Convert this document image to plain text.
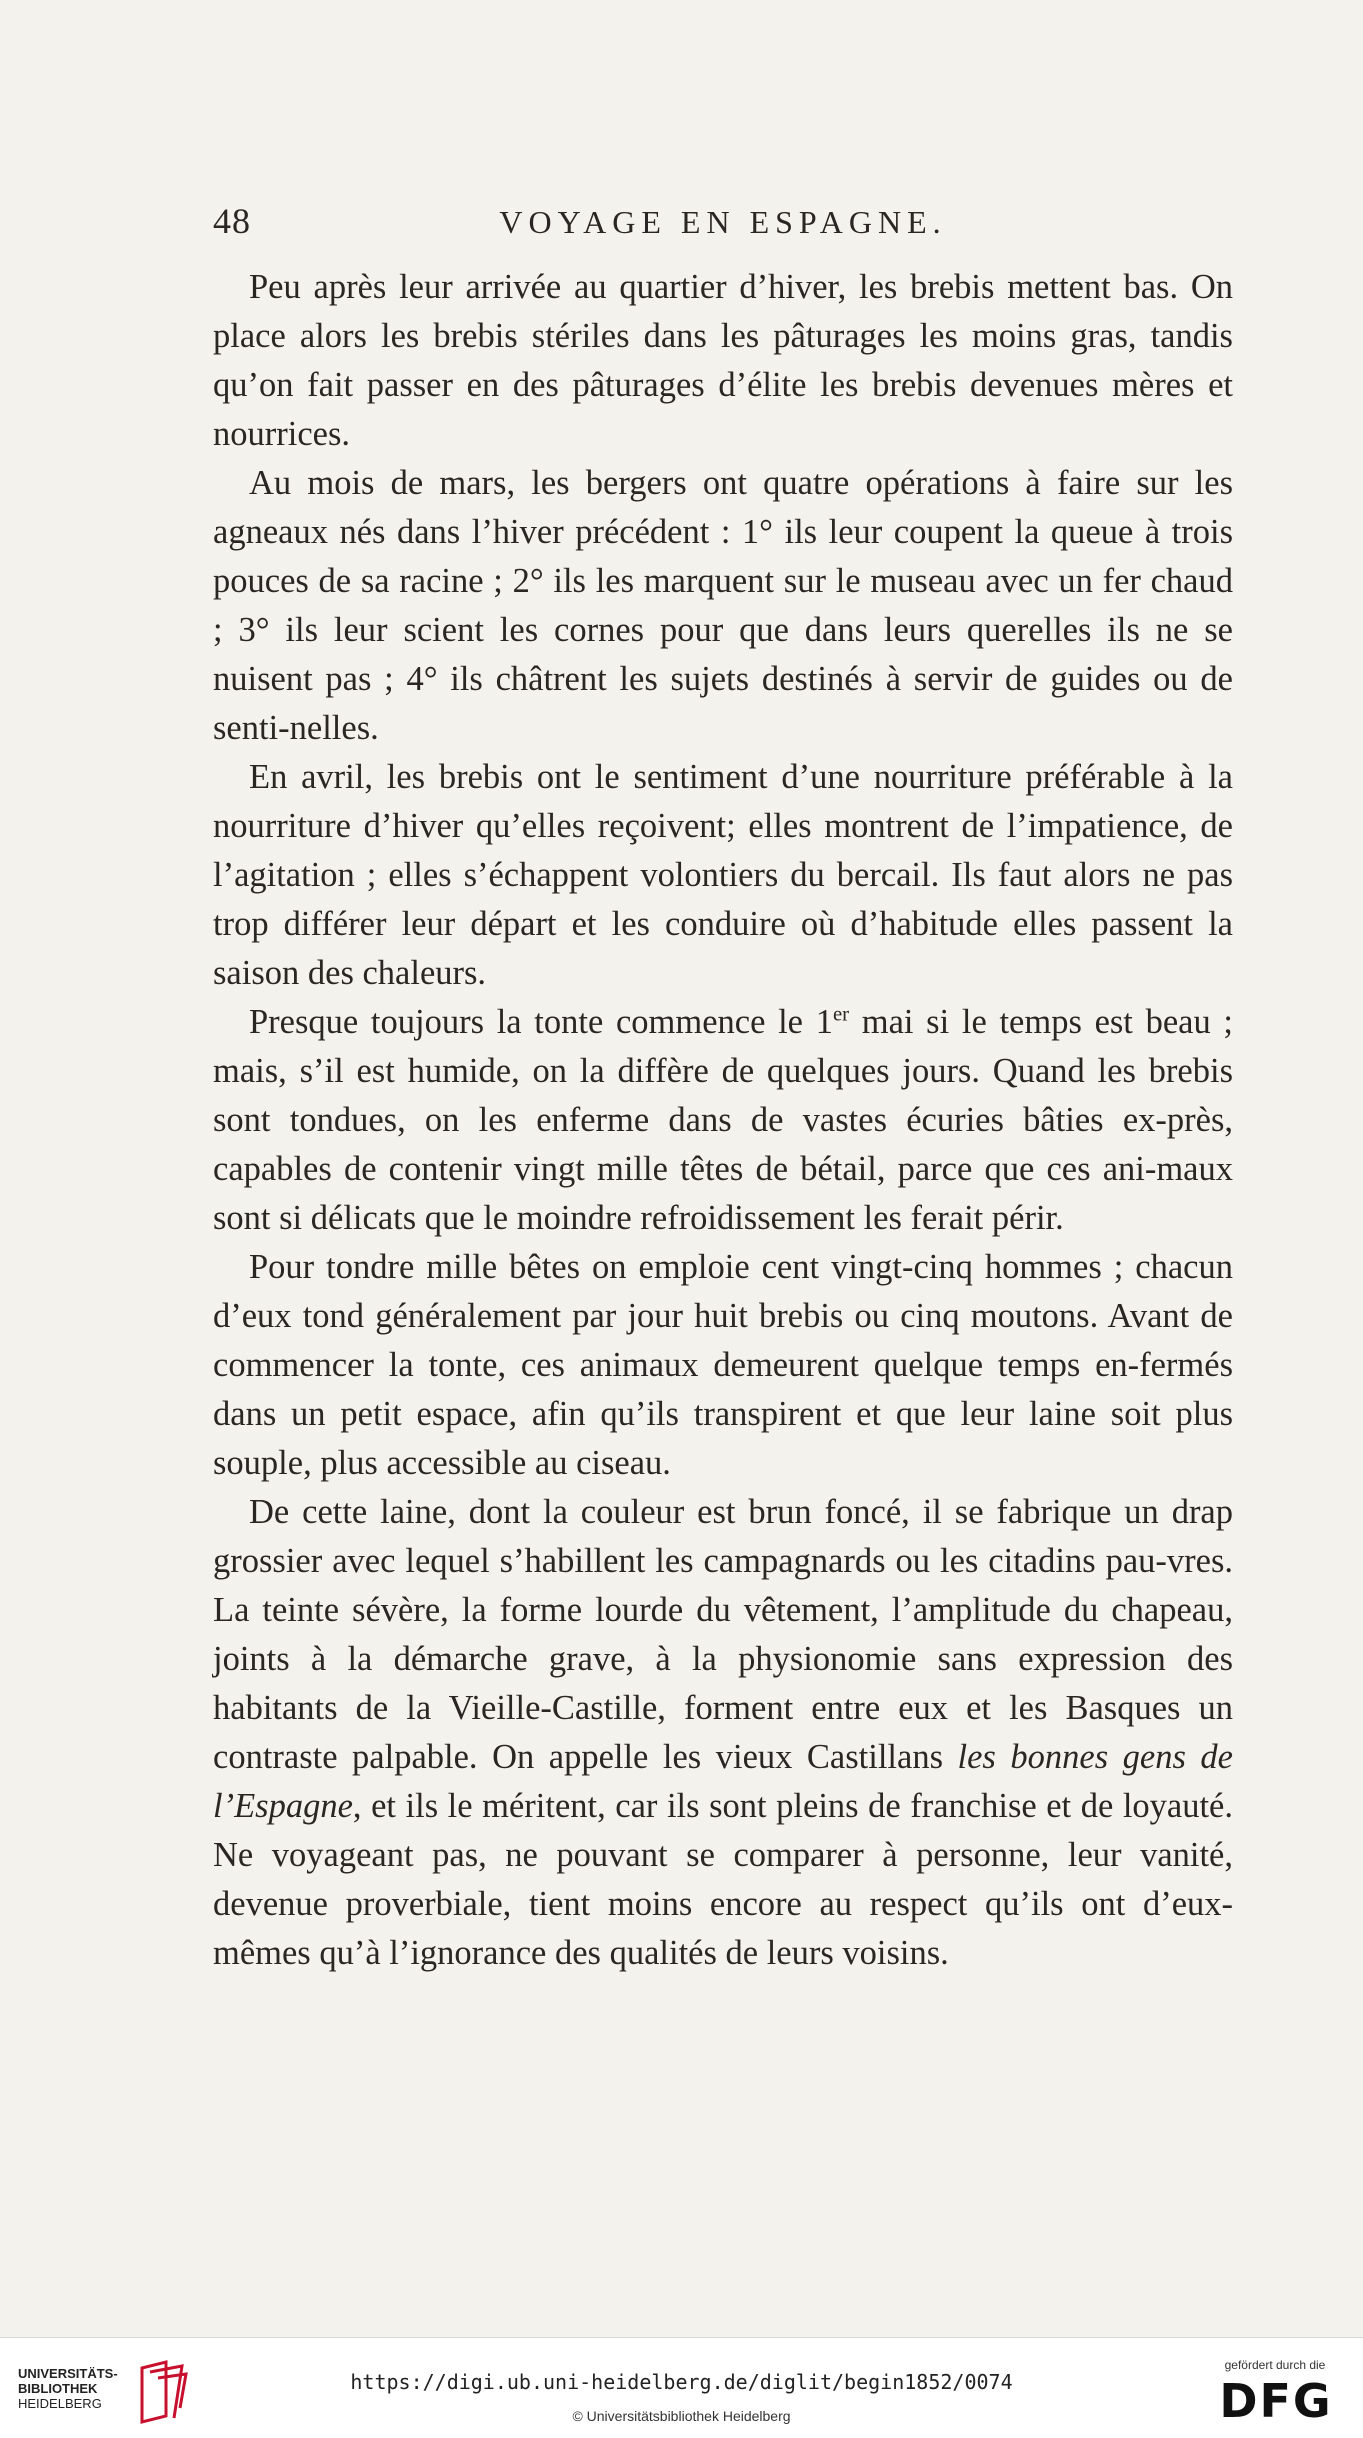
48	VOYAGE EN ESPAGNE.

Peu après leur arrivée au quartier d’hiver, les brebis mettent bas. On place alors les brebis stériles dans les pâturages les moins gras, tandis qu’on fait passer en des pâturages d’élite les brebis devenues mères et nourrices.

Au mois de mars, les bergers ont quatre opérations à faire sur les agneaux nés dans l’hiver précédent : 1° ils leur coupent la queue à trois pouces de sa racine ; 2° ils les marquent sur le museau avec un fer chaud ; 3° ils leur scient les cornes pour que dans leurs querelles ils ne se nuisent pas ; 4° ils châtrent les sujets destinés à servir de guides ou de senti-nelles.

En avril, les brebis ont le sentiment d’une nourriture préférable à la nourriture d’hiver qu’elles reçoivent; elles montrent de l’impatience, de l’agitation ; elles s’échappent volontiers du bercail. Ils faut alors ne pas trop différer leur départ et les conduire où d’habitude elles passent la saison des chaleurs.

Presque toujours la tonte commence le 1er mai si le temps est beau ; mais, s’il est humide, on la diffère de quelques jours. Quand les brebis sont tondues, on les enferme dans de vastes écuries bâties ex-près, capables de contenir vingt mille têtes de bétail, parce que ces ani-maux sont si délicats que le moindre refroidissement les ferait périr.

Pour tondre mille bêtes on emploie cent vingt-cinq hommes ; chacun d’eux tond généralement par jour huit brebis ou cinq moutons. Avant de commencer la tonte, ces animaux demeurent quelque temps en-fermés dans un petit espace, afin qu’ils transpirent et que leur laine soit plus souple, plus accessible au ciseau.

De cette laine, dont la couleur est brun foncé, il se fabrique un drap grossier avec lequel s’habillent les campagnards ou les citadins pau-vres. La teinte sévère, la forme lourde du vêtement, l’amplitude du chapeau, joints à la démarche grave, à la physionomie sans expression des habitants de la Vieille-Castille, forment entre eux et les Basques un contraste palpable. On appelle les vieux Castillans les bonnes gens de l’Espagne, et ils le méritent, car ils sont pleins de franchise et de loyauté. Ne voyageant pas, ne pouvant se comparer à personne, leur vanité, devenue proverbiale, tient moins encore au respect qu’ils ont d’eux-mêmes qu’à l’ignorance des qualités de leurs voisins.

UNIVERSITÄTS-
BIBLIOTHEK
HEIDELBERG
https://digi.ub.uni-heidelberg.de/diglit/begin1852/0074
© Universitätsbibliothek Heidelberg
gefördert durch die
DFG
